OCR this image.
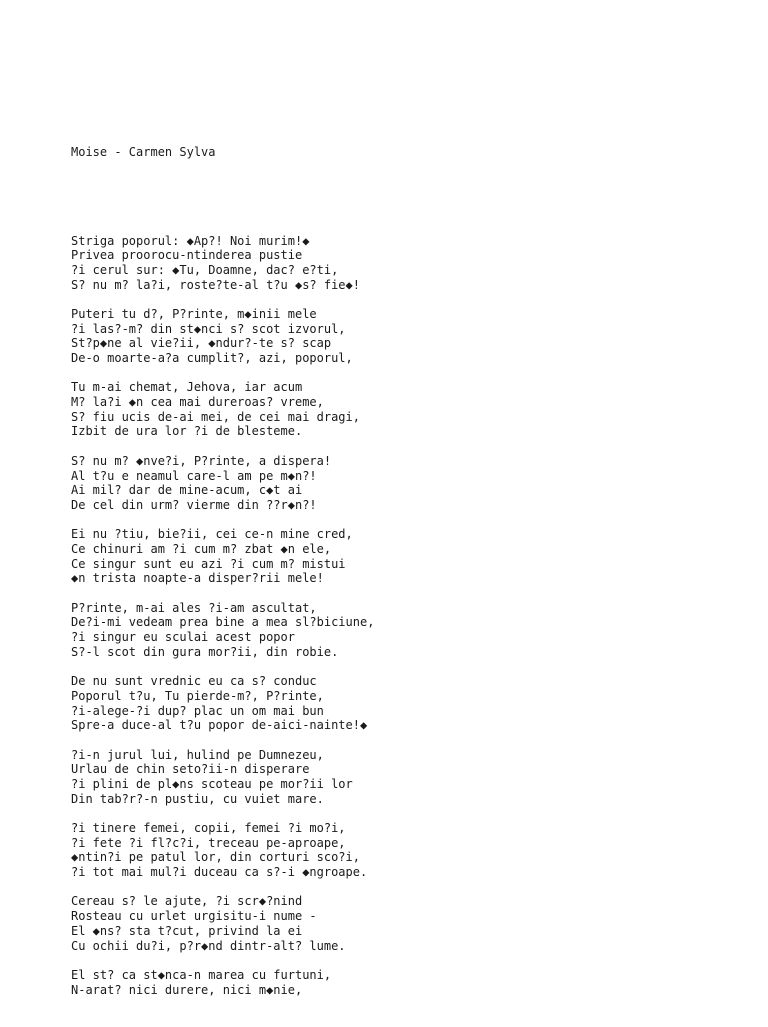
Moise - Carmen Sylva

Striga poporul: ◆Ap?! Noi murim!◆
Privea proorocu-ntinderea pustie
?i cerul sur: ◆Tu, Doamne, dac? e?ti,
S? nu m? la?i, roste?te-al t?u ◆s? fie◆!
Puteri tu d?, P?rinte, m◆inii mele
?i las?-m? din st◆nci s? scot izvorul,
St?p◆ne al vie?ii, ◆ndur?-te s? scap
De-o moarte-a?a cumplit?, azi, poporul,
Tu m-ai chemat, Jehova, iar acum
M? la?i ◆n cea mai dureroas? vreme,
S? fiu ucis de-ai mei, de cei mai dragi,
Izbit de ura lor ?i de blesteme.
S? nu m? ◆nve?i, P?rinte, a dispera!
Al t?u e neamul care-l am pe m◆n?!
Ai mil? dar de mine-acum, c◆t ai
De cel din urm? vierme din ??r◆n?!
Ei nu ?tiu, bie?ii, cei ce-n mine cred,
Ce chinuri am ?i cum m? zbat ◆n ele,
Ce singur sunt eu azi ?i cum m? mistui
◆n trista noapte-a disper?rii mele!
P?rinte, m-ai ales ?i-am ascultat,
De?i-mi vedeam prea bine a mea sl?biciune,
?i singur eu sculai acest popor
S?-l scot din gura mor?ii, din robie.
De nu sunt vrednic eu ca s? conduc
Poporul t?u, Tu pierde-m?, P?rinte,
?i-alege-?i dup? plac un om mai bun
Spre-a duce-al t?u popor de-aici-nainte!◆
?i-n jurul lui, hulind pe Dumnezeu,
Urlau de chin seto?ii-n disperare
?i plini de pl◆ns scoteau pe mor?ii lor
Din tab?r?-n pustiu, cu vuiet mare.
?i tinere femei, copii, femei ?i mo?i,
?i fete ?i fl?c?i, treceau pe-aproape,
◆ntin?i pe patul lor, din corturi sco?i,
?i tot mai mul?i duceau ca s?-i ◆ngroape.
Cereau s? le ajute, ?i scr◆?nind
Rosteau cu urlet urgisitu-i nume -
El ◆ns? sta t?cut, privind la ei
Cu ochii du?i, p?r◆nd dintr-alt? lume.
El st? ca st◆nca-n marea cu furtuni,
N-arat? nici durere, nici m◆nie,
